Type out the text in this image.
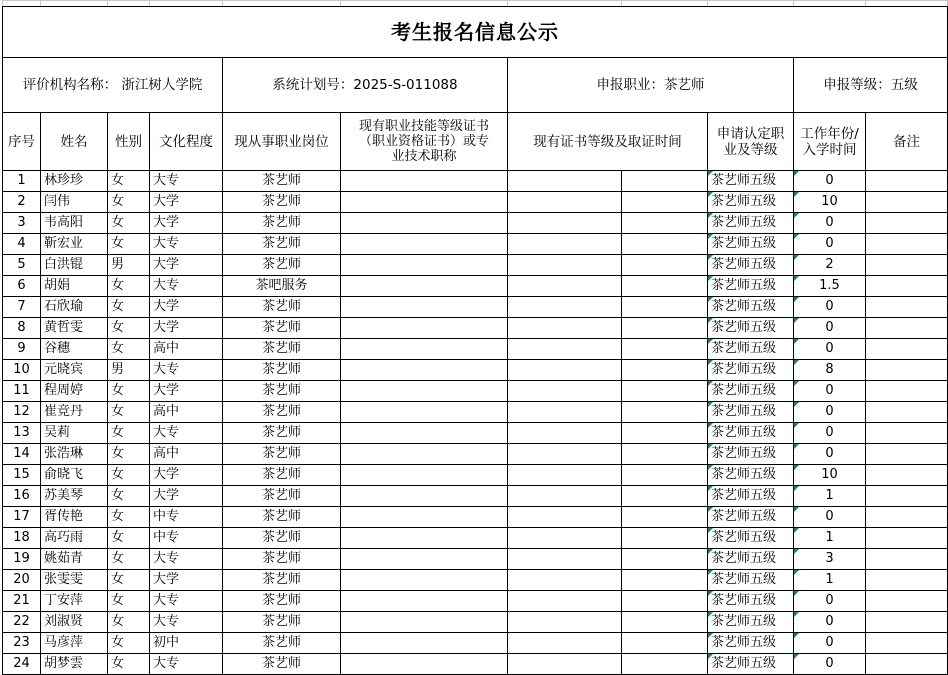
考生报名信息公示										
评价机构名称： 浙江树人学院				系统计划号：2025-S-011088		申报职业：茶艺师			申报等级：五级	
序号	姓名	性别	文化程度	现从事职业岗位	现有职业技能等级证书（职业资格证书）或专业技术职称	现有证书等级及取证时间		申请认定职业及等级	工作年份/入学时间	备注
1	林珍珍	女	大专	茶艺师				茶艺师五级	0	
2	闫伟	女	大学	茶艺师				茶艺师五级	10	
3	韦高阳	女	大学	茶艺师				茶艺师五级	0	
4	靳宏业	女	大专	茶艺师				茶艺师五级	0	
5	白洪锟	男	大学	茶艺师				茶艺师五级	2	
6	胡娟	女	大专	茶吧服务				茶艺师五级	1.5	
7	石欣瑜	女	大学	茶艺师				茶艺师五级	0	
8	黄哲雯	女	大学	茶艺师				茶艺师五级	0	
9	谷穗	女	高中	茶艺师				茶艺师五级	0	
10	元晓宾	男	大专	茶艺师				茶艺师五级	8	
11	程周婷	女	大学	茶艺师				茶艺师五级	0	
12	崔竞丹	女	高中	茶艺师				茶艺师五级	0	
13	吴莉	女	大专	茶艺师				茶艺师五级	0	
14	张浩琳	女	高中	茶艺师				茶艺师五级	0	
15	俞晓飞	女	大学	茶艺师				茶艺师五级	10	
16	苏美琴	女	大学	茶艺师				茶艺师五级	1	
17	胥传艳	女	中专	茶艺师				茶艺师五级	0	
18	高巧雨	女	中专	茶艺师				茶艺师五级	1	
19	姚茹青	女	大专	茶艺师				茶艺师五级	3	
20	张雯雯	女	大学	茶艺师				茶艺师五级	1	
21	丁安萍	女	大专	茶艺师				茶艺师五级	0	
22	刘淑贤	女	大专	茶艺师				茶艺师五级	0	
23	马彦萍	女	初中	茶艺师				茶艺师五级	0	
24	胡梦雲	女	大专	茶艺师				茶艺师五级	0	
